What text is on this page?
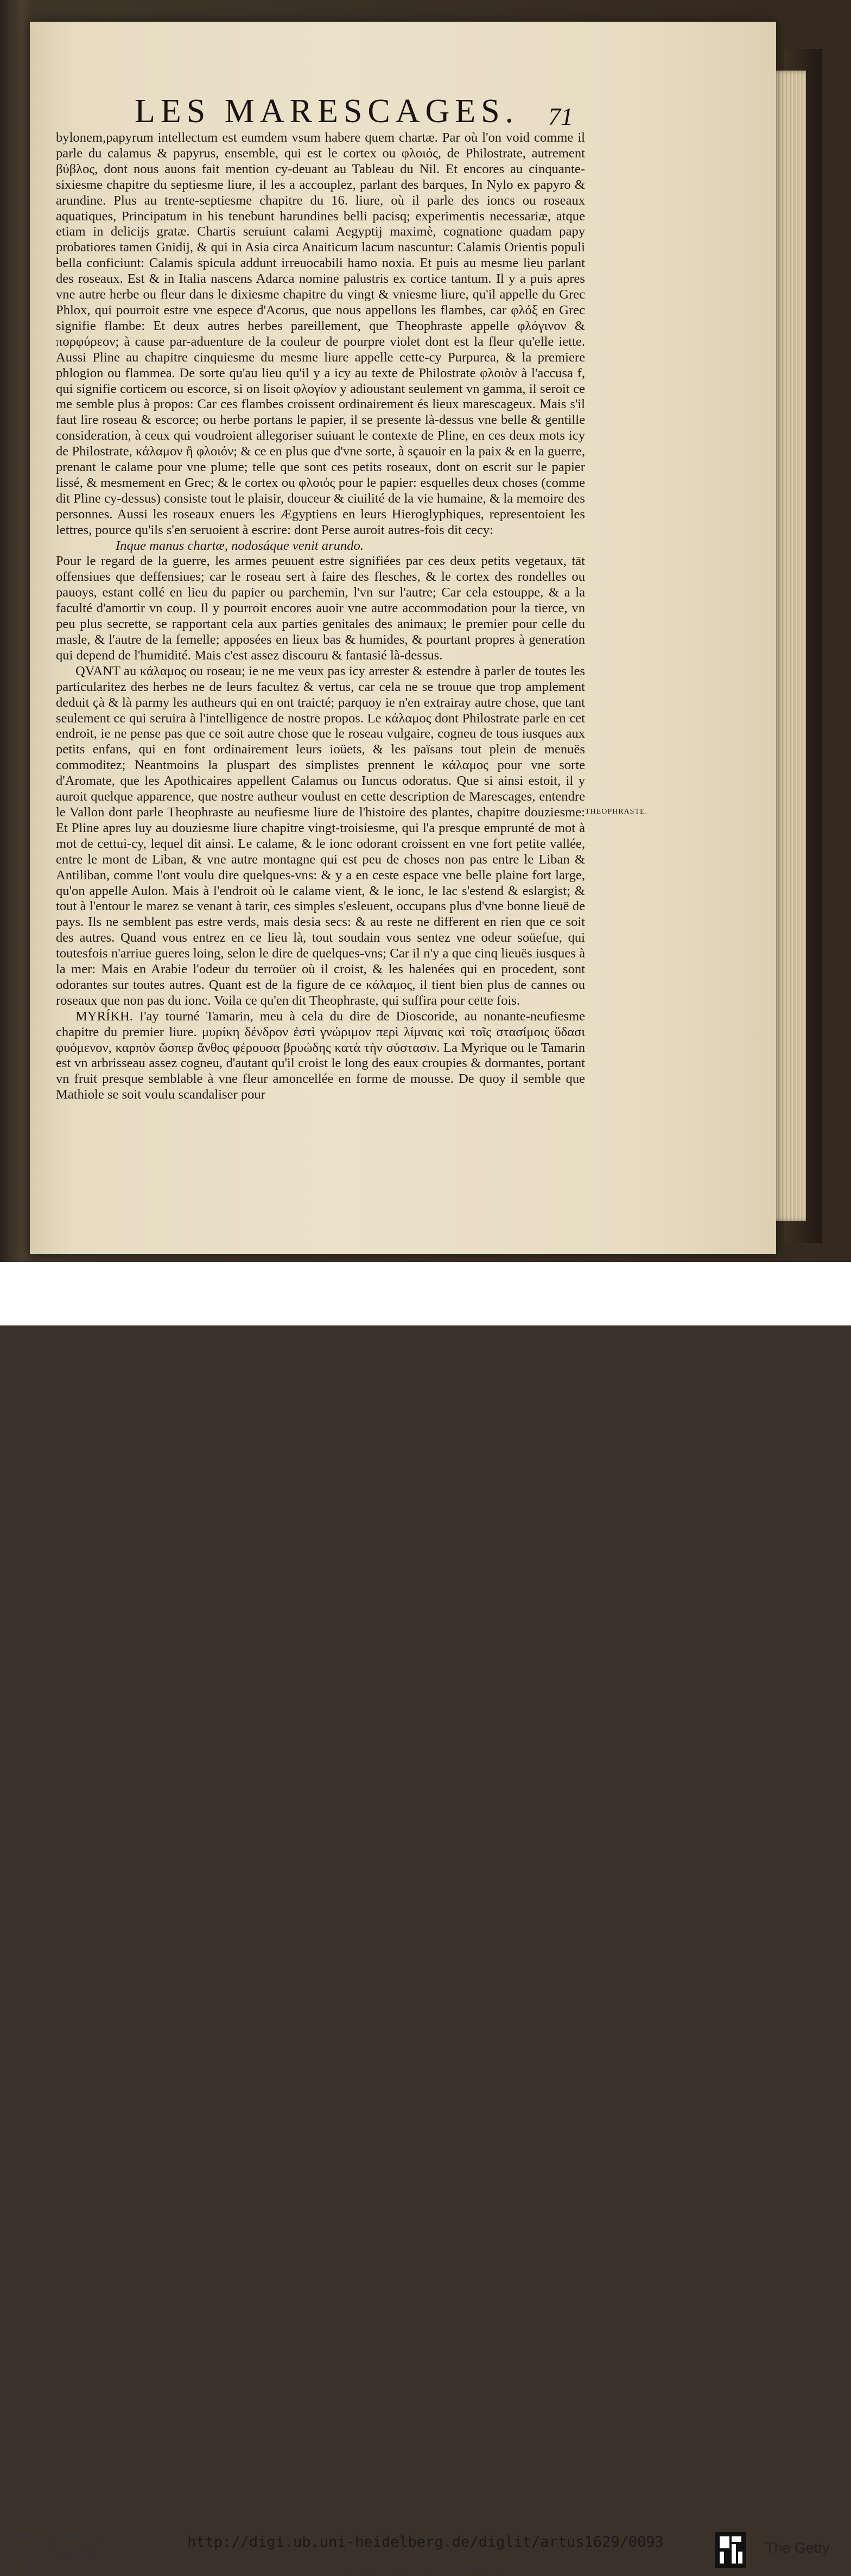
LES MARESCAGES.	71

bylonem,papyrum intellectum est eumdem vsum habere quem chartæ. Par où l'on void comme il parle du calamus & papyrus, ensemble, qui est le cortex ou φλοιός, de Philostrate, autrement βύβλος, dont nous auons fait mention cy-deuant au Tableau du Nil. Et encores au cinquante-sixiesme chapitre du septiesme liure, il les a accouplez, parlant des barques, In Nylo ex papyro & arundine. Plus au trente-septiesme chapitre du 16. liure, où il parle des ioncs ou roseaux aquatiques, Principatum in his tenebunt harundines belli pacisq; experimentis necessariæ, atque etiam in delicijs gratæ. Chartis seruiunt calami Aegyptij maximè, cognatione quadam papy probatiores tamen Gnidij, & qui in Asia circa Anaiticum lacum nascuntur: Calamis Orientis populi bella conficiunt: Calamis spicula addunt irreuocabili hamo noxia. Et puis au mesme lieu parlant des roseaux. Est & in Italia nascens Adarca nomine palustris ex cortice tantum. Il y a puis apres vne autre herbe ou fleur dans le dixiesme chapitre du vingt & vniesme liure, qu'il appelle du Grec Phlox, qui pourroit estre vne espece d'Acorus, que nous appellons les flambes, car φλόξ en Grec signifie flambe: Et deux autres herbes pareillement, que Theophraste appelle φλόγινον & πορφύρεον; à cause par-aduenture de la couleur de pourpre violet dont est la fleur qu'elle iette. Aussi Pline au chapitre cinquiesme du mesme liure appelle cette-cy Purpurea, & la premiere phlogion ou flammea. De sorte qu'au lieu qu'il y a icy au texte de Philostrate φλοιὸν à l'accusa f, qui signifie corticem ou escorce, si on lisoit φλογίον y adioustant seulement vn gamma, il seroit ce me semble plus à propos: Car ces flambes croissent ordinairement és lieux marescageux. Mais s'il faut lire roseau & escorce; ou herbe portans le papier, il se presente là-dessus vne belle & gentille consideration, à ceux qui voudroient allegoriser suiuant le contexte de Pline, en ces deux mots icy de Philostrate, κάλαμον ἢ φλοιόν; & ce en plus que d'vne sorte, à sçauoir en la paix & en la guerre, prenant le calame pour vne plume; telle que sont ces petits roseaux, dont on escrit sur le papier lissé, & mesmement en Grec; & le cortex ou φλοιός pour le papier: esquelles deux choses (comme dit Pline cy-dessus) consiste tout le plaisir, douceur & ciuilité de la vie humaine, & la memoire des personnes. Aussi les roseaux enuers les Ægyptiens en leurs Hieroglyphiques, representoient les lettres, pource qu'ils s'en seruoient à escrire: dont Perse auroit autres-fois dit cecy:

Inque manus chartæ, nodosáque venit arundo.

Pour le regard de la guerre, les armes peuuent estre signifiées par ces deux petits vegetaux, tāt offensiues que deffensiues; car le roseau sert à faire des flesches, & le cortex des rondelles ou pauoys, estant collé en lieu du papier ou parchemin, l'vn sur l'autre; Car cela estouppe, & a la faculté d'amortir vn coup. Il y pourroit encores auoir vne autre accommodation pour la tierce, vn peu plus secrette, se rapportant cela aux parties genitales des animaux; le premier pour celle du masle, & l'autre de la femelle; apposées en lieux bas & humides, & pourtant propres à generation qui depend de l'humidité. Mais c'est assez discouru & fantasié là-dessus.

QVANT au κάλαμος ou roseau; ie ne me veux pas icy arrester & estendre à parler de toutes les particularitez des herbes ne de leurs facultez & vertus, car cela ne se trouue que trop amplement deduit çà & là parmy les autheurs qui en ont traicté; parquoy ie n'en extrairay autre chose, que tant seulement ce qui seruira à l'intelligence de nostre propos. Le κάλαμος dont Philostrate parle en cet endroit, ie ne pense pas que ce soit autre chose que le roseau vulgaire, cogneu de tous iusques aux petits enfans, qui en font ordinairement leurs ioüets, & les païsans tout plein de menuës commoditez; Neantmoins la pluspart des simplistes prennent le κάλαμος pour vne sorte d'Aromate, que les Apothicaires appellent Calamus ou Iuncus odoratus. Que si ainsi estoit, il y auroit quelque apparence, que nostre autheur voulust en cette description de Marescages, entendre le Vallon dont parle Theophraste au neufiesme liure de l'histoire des plantes, chapitre douziesme: Et Pline apres luy au douziesme liure chapitre vingt-troisiesme, qui l'a presque emprunté de mot à mot de cettui-cy, lequel dit ainsi. Le calame, & le ionc odorant croissent en vne fort petite vallée, entre le mont de Liban, & vne autre montagne qui est peu de choses non pas entre le Liban & Antiliban, comme l'ont voulu dire quelques-vns: & y a en ceste espace vne belle plaine fort large, qu'on appelle Aulon. Mais à l'endroit où le calame vient, & le ionc, le lac s'estend & eslargist; & tout à l'entour le marez se venant à tarir, ces simples s'esleuent, occupans plus d'vne bonne lieuë de pays. Ils ne semblent pas estre verds, mais desia secs: & au reste ne different en rien que ce soit des autres. Quand vous entrez en ce lieu là, tout soudain vous sentez vne odeur soüefue, qui toutesfois n'arriue gueres loing, selon le dire de quelques-vns; Car il n'y a que cinq lieuës iusques à la mer: Mais en Arabie l'odeur du terroüer où il croist, & les halenées qui en procedent, sont odorantes sur toutes autres. Quant est de la figure de ce κάλαμος, il tient bien plus de cannes ou roseaux que non pas du ionc. Voila ce qu'en dit Theophraste, qui suffira pour cette fois.

MYRÍKH. I'ay tourné Tamarin, meu à cela du dire de Dioscoride, au nonante-neufiesme chapitre du premier liure. μυρίκη δένδρον ἐστὶ γνώριμον περὶ λίμναις καὶ τοῖς στασίμοις ὕδασι φυόμενον, καρπὸν ὥσπερ ἄνθος φέρουσα βρυώδης κατὰ τὴν σύστασιν. La Myrique ou le Tamarin est vn arbrisseau assez cogneu, d'autant qu'il croist le long des eaux croupies & dormantes, portant vn fruit presque semblable à vne fleur amoncellée en forme de mousse. De quoy il semble que Mathiole se soit voulu scandaliser pour

THEOPHRASTE.
UNIVERSITÄTS-
BIBLIOTHEK
HEIDELBERG
http://digi.ub.uni-heidelberg.de/diglit/artus1629/0093
© Universitätsbibliothek Heidelberg
The Getty
